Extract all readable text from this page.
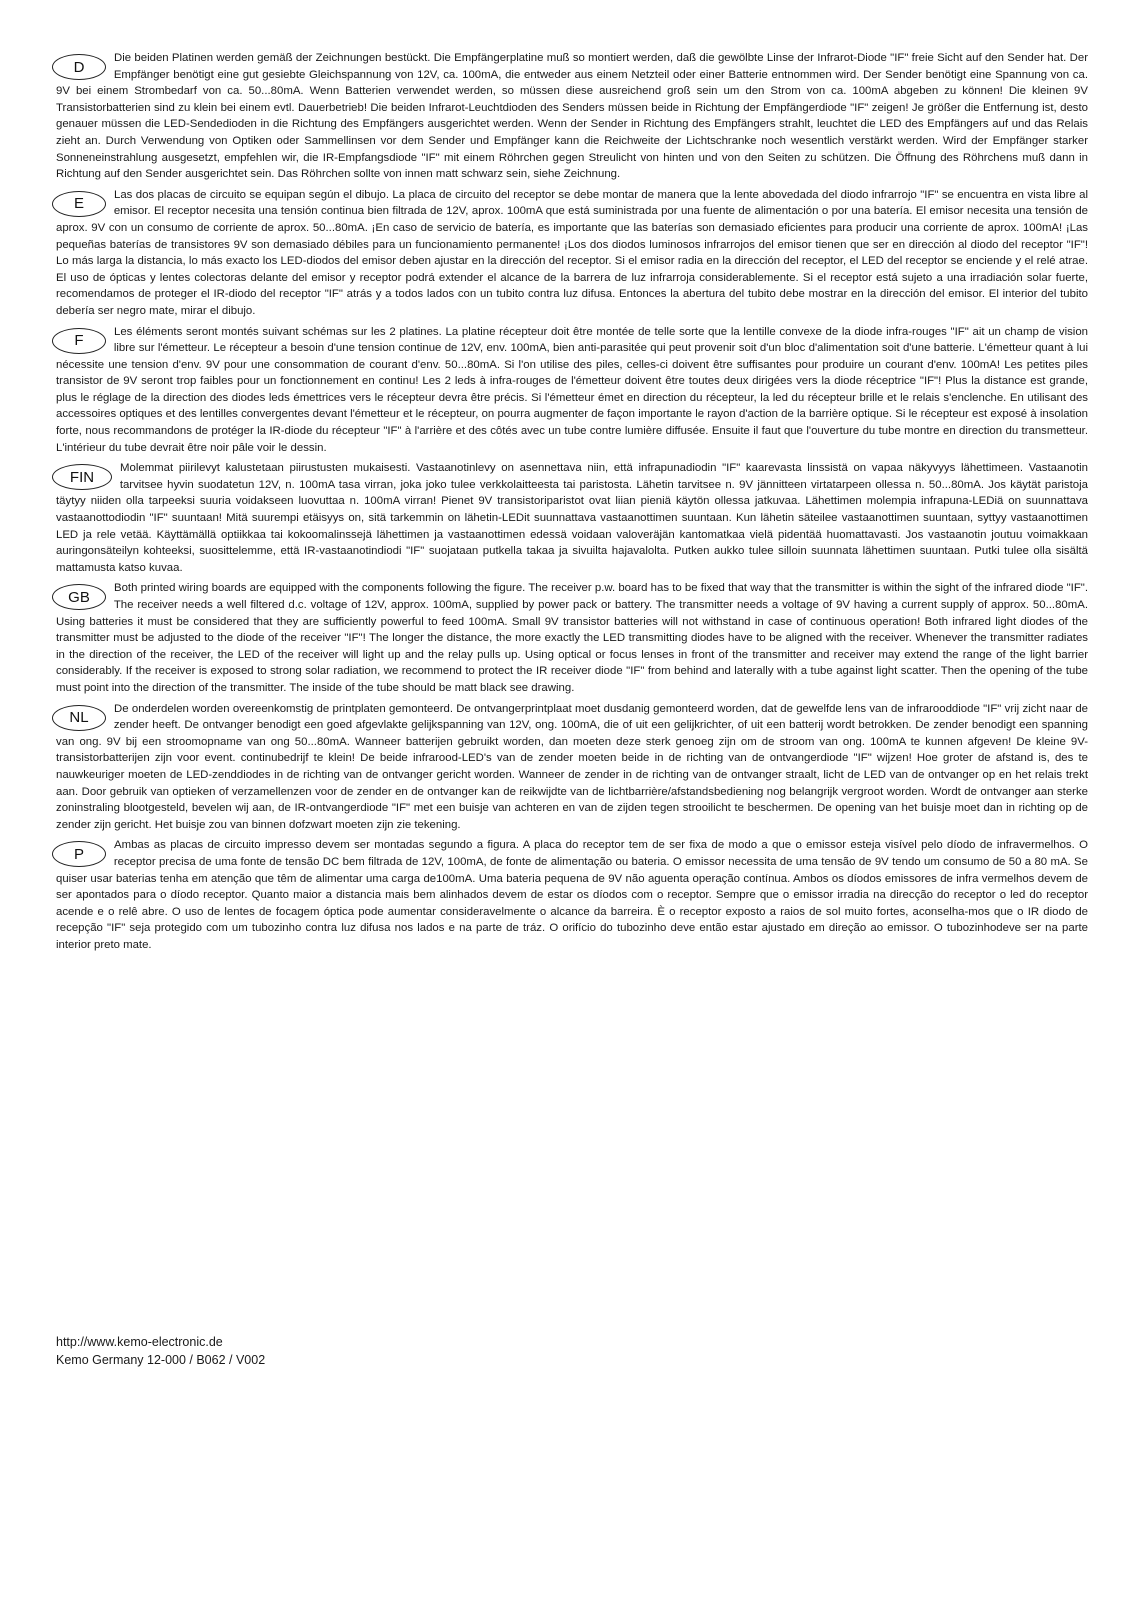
D

Die beiden Platinen werden gemäß der Zeichnungen bestückt. Die Empfängerplatine muß so montiert werden, daß die gewölbte Linse der Infrarot-Diode "IF" freie Sicht auf den Sender hat. Der Empfänger benötigt eine gut gesiebte Gleichspannung von 12V, ca. 100mA, die entweder aus einem Netzteil oder einer Batterie entnommen wird. Der Sender benötigt eine Spannung von ca. 9V bei einem Strombedarf von ca. 50...80mA. Wenn Batterien verwendet werden, so müssen diese ausreichend groß sein um den Strom von ca. 100mA abgeben zu können! Die kleinen 9V Transistorbatterien sind zu klein bei einem evtl. Dauerbetrieb! Die beiden Infrarot-Leuchtdioden des Senders müssen beide in Richtung der Empfängerdiode "IF" zeigen! Je größer die Entfernung ist, desto genauer müssen die LED-Sendedioden in die Richtung des Empfängers ausgerichtet werden. Wenn der Sender in Richtung des Empfängers strahlt, leuchtet die LED des Empfängers auf und das Relais zieht an. Durch Verwendung von Optiken oder Sammellinsen vor dem Sender und Empfänger kann die Reichweite der Lichtschranke noch wesentlich verstärkt werden. Wird der Empfänger starker Sonneneinstrahlung ausgesetzt, empfehlen wir, die IR-Empfangsdiode "IF" mit einem Röhrchen gegen Streulicht von hinten und von den Seiten zu schützen. Die Öffnung des Röhrchens muß dann in Richtung auf den Sender ausgerichtet sein. Das Röhrchen sollte von innen matt schwarz sein, siehe Zeichnung.

E

Las dos placas de circuito se equipan según el dibujo. La placa de circuito del receptor se debe montar de manera que la lente abovedada del diodo infrarrojo "IF" se encuentra en vista libre al emisor. El receptor necesita una tensión continua bien filtrada de 12V, aprox. 100mA que está suministrada por una fuente de alimentación o por una batería. El emisor necesita una tensión de aprox. 9V con un consumo de corriente de aprox. 50...80mA. ¡En caso de servicio de batería, es importante que las baterías son demasiado eficientes para producir una corriente de aprox. 100mA! ¡Las pequeñas baterías de transistores 9V son demasiado débiles para un funcionamiento permanente! ¡Los dos diodos luminosos infrarrojos del emisor tienen que ser en dirección al diodo del receptor "IF"! Lo más larga la distancia, lo más exacto los LED-diodos del emisor deben ajustar en la dirección del receptor. Si el emisor radia en la dirección del receptor, el LED del receptor se enciende y el relé atrae. El uso de ópticas y lentes colectoras delante del emisor y receptor podrá extender el alcance de la barrera de luz infrarroja considerablemente. Si el receptor está sujeto a una irradiación solar fuerte, recomendamos de proteger el IR-diodo del receptor "IF" atrás y a todos lados con un tubito contra luz difusa. Entonces la abertura del tubito debe mostrar en la dirección del emisor. El interior del tubito debería ser negro mate, mirar el dibujo.

F

Les éléments seront montés suivant schémas sur les 2 platines. La platine récepteur doit être montée de telle sorte que la lentille convexe de la diode infra-rouges "IF" ait un champ de vision libre sur l'émetteur. Le récepteur a besoin d'une tension continue de 12V, env. 100mA, bien anti-parasitée qui peut provenir soit d'un bloc d'alimentation soit d'une batterie. L'émetteur quant à lui nécessite une tension d'env. 9V pour une consommation de courant d'env. 50...80mA. Si l'on utilise des piles, celles-ci doivent être suffisantes pour produire un courant d'env. 100mA! Les petites piles transistor de 9V seront trop faibles pour un fonctionnement en continu! Les 2 leds à infra-rouges de l'émetteur doivent être toutes deux dirigées vers la diode réceptrice "IF"! Plus la distance est grande, plus le réglage de la direction des diodes leds émettrices vers le récepteur devra être précis. Si l'émetteur émet en direction du récepteur, la led du récepteur brille et le relais s'enclenche. En utilisant des accessoires optiques et des lentilles convergentes devant l'émetteur et le récepteur, on pourra augmenter de façon importante le rayon d'action de la barrière optique. Si le récepteur est exposé à insolation forte, nous recommandons de protéger la IR-diode du récepteur "IF" à l'arrière et des côtés avec un tube contre lumière diffusée. Ensuite il faut que l'ouverture du tube montre en direction du transmetteur. L'intérieur du tube devrait être noir pâle voir le dessin.

FIN

Molemmat piirilevyt kalustetaan piirustusten mukaisesti. Vastaanotinlevy on asennettava niin, että infrapunadiodin "IF" kaarevasta linssistä on vapaa näkyvyys lähettimeen. Vastaanotin tarvitsee hyvin suodatetun 12V, n. 100mA tasa virran, joka joko tulee verkkolaitteesta tai paristosta. Lähetin tarvitsee n. 9V jännitteen virtatarpeen ollessa n. 50...80mA. Jos käytät paristoja täytyy niiden olla tarpeeksi suuria voidakseen luovuttaa n. 100mA virran! Pienet 9V transistoriparistot ovat liian pieniä käytön ollessa jatkuvaa. Lähettimen molempia infrapuna-LEDiä on suunnattava vastaanottodiodin "IF" suuntaan! Mitä suurempi etäisyys on, sitä tarkemmin on lähetin-LEDit suunnattava vastaanottimen suuntaan. Kun lähetin säteilee vastaanottimen suuntaan, syttyy vastaanottimen LED ja rele vetää. Käyttämällä optiikkaa tai kokoomalinssejä lähettimen ja vastaanottimen edessä voidaan valoveräjän kantomatkaa vielä pidentää huomattavasti. Jos vastaanotin joutuu voimakkaan auringonsäteilyn kohteeksi, suosittelemme, että IR-vastaanotindiodi "IF" suojataan putkella takaa ja sivuilta hajavalolta. Putken aukko tulee silloin suunnata lähettimen suuntaan. Putki tulee olla sisältä mattamusta katso kuvaa.

GB

Both printed wiring boards are equipped with the components following the figure. The receiver p.w. board has to be fixed that way that the transmitter is within the sight of the infrared diode "IF". The receiver needs a well filtered d.c. voltage of 12V, approx. 100mA, supplied by power pack or battery. The transmitter needs a voltage of 9V having a current supply of approx. 50...80mA. Using batteries it must be considered that they are sufficiently powerful to feed 100mA. Small 9V transistor batteries will not withstand in case of continuous operation! Both infrared light diodes of the transmitter must be adjusted to the diode of the receiver "IF"! The longer the distance, the more exactly the LED transmitting diodes have to be aligned with the receiver. Whenever the transmitter radiates in the direction of the receiver, the LED of the receiver will light up and the relay pulls up. Using optical or focus lenses in front of the transmitter and receiver may extend the range of the light barrier considerably. If the receiver is exposed to strong solar radiation, we recommend to protect the IR receiver diode "IF" from behind and laterally with a tube against light scatter. Then the opening of the tube must point into the direction of the transmitter. The inside of the tube should be matt black see drawing.

NL

De onderdelen worden overeenkomstig de printplaten gemonteerd. De ontvangerprintplaat moet dusdanig gemonteerd worden, dat de gewelfde lens van de infrarooddiode "IF" vrij zicht naar de zender heeft. De ontvanger benodigt een goed afgevlakte gelijkspanning van 12V, ong. 100mA, die of uit een gelijkrichter, of uit een batterij wordt betrokken. De zender benodigt een spanning van ong. 9V bij een stroomopname van ong 50...80mA. Wanneer batterijen gebruikt worden, dan moeten deze sterk genoeg zijn om de stroom van ong. 100mA te kunnen afgeven! De kleine 9V-transistorbatterijen zijn voor event. continubedrijf te klein! De beide infrarood-LED's van de zender moeten beide in de richting van de ontvangerdiode "IF" wijzen! Hoe groter de afstand is, des te nauwkeuriger moeten de LED-zenddiodes in de richting van de ontvanger gericht worden. Wanneer de zender in de richting van de ontvanger straalt, licht de LED van de ontvanger op en het relais trekt aan. Door gebruik van optieken of verzamellenzen voor de zender en de ontvanger kan de reikwijdte van de lichtbarrière/afstandsbediening nog belangrijk vergroot worden. Wordt de ontvanger aan sterke zoninstraling blootgesteld, bevelen wij aan, de IR-ontvangerdiode "IF" met een buisje van achteren en van de zijden tegen strooilicht te beschermen. De opening van het buisje moet dan in richting op de zender zijn gericht. Het buisje zou van binnen dofzwart moeten zijn zie tekening.

P

Ambas as placas de circuito impresso devem ser montadas segundo a figura. A placa do receptor tem de ser fixa de modo a que o emissor esteja visível pelo díodo de infravermelhos. O receptor precisa de uma fonte de tensão DC bem filtrada de 12V, 100mA, de fonte de alimentação ou bateria. O emissor necessita de uma tensão de 9V tendo um consumo de 50 a 80 mA. Se quiser usar baterias tenha em atenção que têm de alimentar uma carga de100mA. Uma bateria pequena de 9V não aguenta operação contínua. Ambos os díodos emissores de infra vermelhos devem de ser apontados para o díodo receptor. Quanto maior a distancia mais bem alinhados devem de estar os díodos com o receptor. Sempre que o emissor irradia na direcção do receptor o led do receptor acende e o relê abre. O uso de lentes de focagem óptica pode aumentar consideravelmente o alcance da barreira. È o receptor exposto a raios de sol muito fortes, aconselha-mos que o IR diodo de recepção "IF" seja protegido com um tubozinho contra luz difusa nos lados e na parte de tráz. O orifício do tubozinho deve então estar ajustado em direção ao emissor. O tubozinhodeve ser na parte interior preto mate.

http://www.kemo-electronic.de
Kemo Germany 12-000 / B062 / V002
